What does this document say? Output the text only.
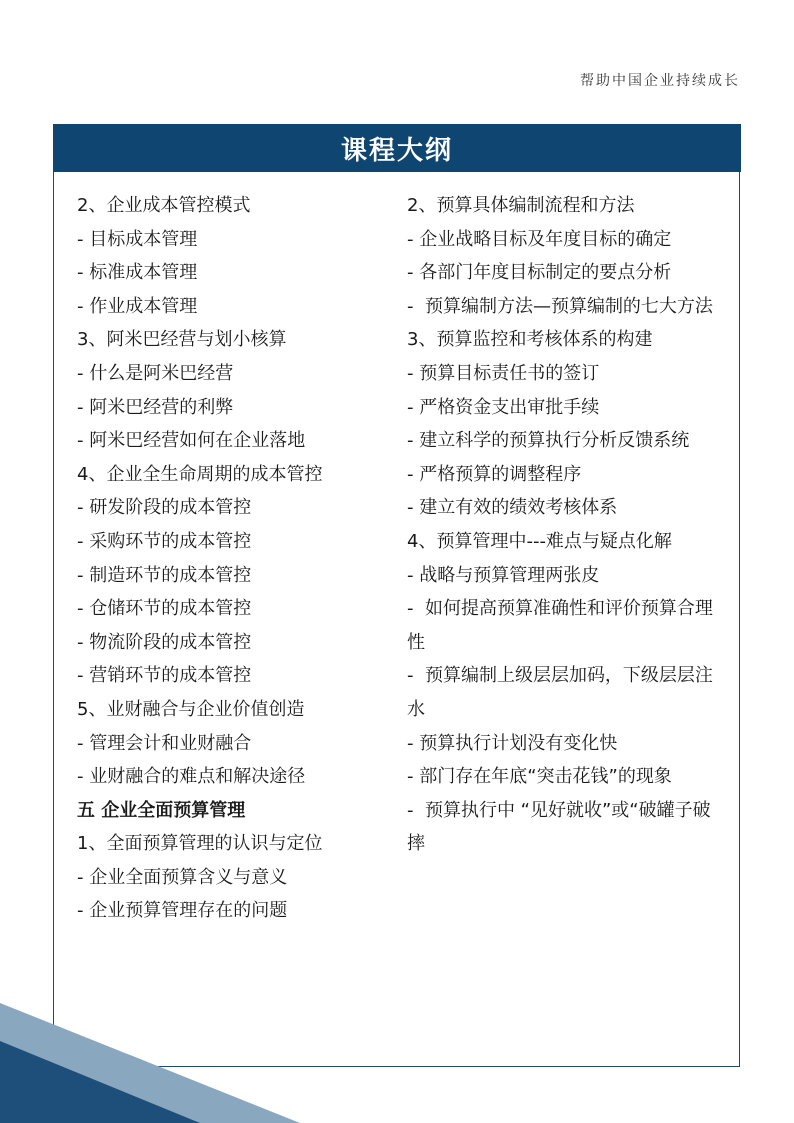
帮助中国企业持续成长
课程大纲
2、企业成本管控模式
- 目标成本管理
- 标准成本管理
- 作业成本管理
3、阿米巴经营与划小核算
- 什么是阿米巴经营
- 阿米巴经营的利弊
- 阿米巴经营如何在企业落地
4、企业全生命周期的成本管控
- 研发阶段的成本管控
- 采购环节的成本管控
- 制造环节的成本管控
- 仓储环节的成本管控
- 物流阶段的成本管控
- 营销环节的成本管控
5、业财融合与企业价值创造
- 管理会计和业财融合
- 业财融合的难点和解决途径
五 企业全面预算管理
1、全面预算管理的认识与定位
- 企业全面预算含义与意义
- 企业预算管理存在的问题
2、预算具体编制流程和方法
- 企业战略目标及年度目标的确定
- 各部门年度目标制定的要点分析
-  预算编制方法—预算编制的七大方法
3、预算监控和考核体系的构建
- 预算目标责任书的签订
- 严格资金支出审批手续
- 建立科学的预算执行分析反馈系统
- 严格预算的调整程序
- 建立有效的绩效考核体系
4、预算管理中---难点与疑点化解
- 战略与预算管理两张皮
-  如何提高预算准确性和评价预算合理性
-  预算编制上级层层加码，下级层层注水
- 预算执行计划没有变化快
- 部门存在年底“突击花钱”的现象
-  预算执行中 “见好就收”或“破罐子破摔
